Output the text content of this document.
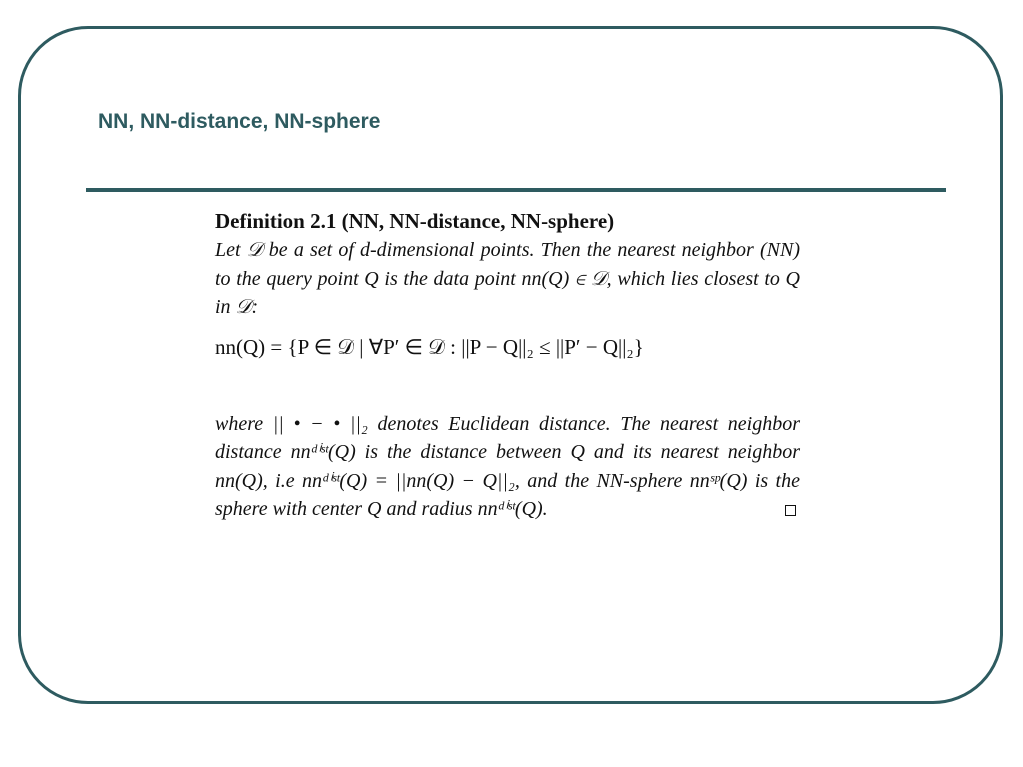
NN, NN-distance, NN-sphere
Definition 2.1 (NN, NN-distance, NN-sphere)
Let 𝒟 be a set of d-dimensional points. Then the nearest neighbor (NN) to the query point Q is the data point nn(Q) ∈ 𝒟, which lies closest to Q in 𝒟:
nn(Q) = {P ∈ 𝒟 | ∀P′ ∈ 𝒟 : ||P − Q||₂ ≤ ||P′ − Q||₂}
where || • − • ||₂ denotes Euclidean distance. The nearest neighbor distance nnᵈⁱˢᵗ(Q) is the distance between Q and its nearest neighbor nn(Q), i.e nnᵈⁱˢᵗ(Q) = ||nn(Q) − Q||₂, and the NN-sphere nnˢᵖ(Q) is the sphere with center Q and radius nnᵈⁱˢᵗ(Q).
